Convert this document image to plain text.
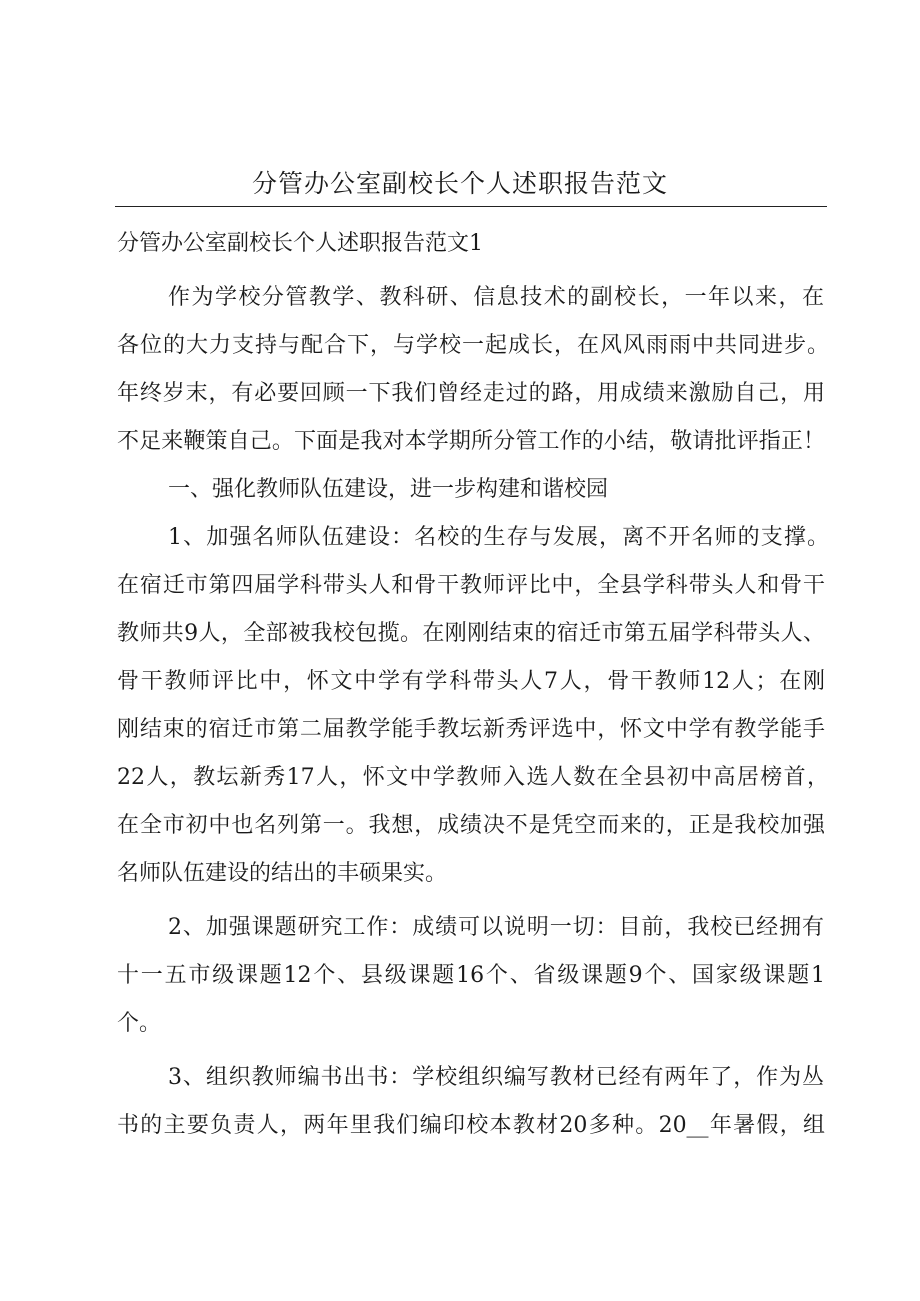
分管办公室副校长个人述职报告范文
分管办公室副校长个人述职报告范文1
作为学校分管教学、教科研、信息技术的副校长，一年以来，在
各位的大力支持与配合下，与学校一起成长，在风风雨雨中共同进步。
年终岁末，有必要回顾一下我们曾经走过的路，用成绩来激励自己，用
不足来鞭策自己。下面是我对本学期所分管工作的小结，敬请批评指正！
一、强化教师队伍建设，进一步构建和谐校园
1、加强名师队伍建设：名校的生存与发展，离不开名师的支撑。
在宿迁市第四届学科带头人和骨干教师评比中，全县学科带头人和骨干
教师共9人，全部被我校包揽。在刚刚结束的宿迁市第五届学科带头人、
骨干教师评比中，怀文中学有学科带头人7人，骨干教师12人；在刚
刚结束的宿迁市第二届教学能手教坛新秀评选中，怀文中学有教学能手
22人，教坛新秀17人，怀文中学教师入选人数在全县初中高居榜首，
在全市初中也名列第一。我想，成绩决不是凭空而来的，正是我校加强
名师队伍建设的结出的丰硕果实。
2、加强课题研究工作：成绩可以说明一切：目前，我校已经拥有
十一五市级课题12个、县级课题16个、省级课题9个、国家级课题1
个。
3、组织教师编书出书：学校组织编写教材已经有两年了，作为丛
书的主要负责人，两年里我们编印校本教材20多种。20__年暑假，组
